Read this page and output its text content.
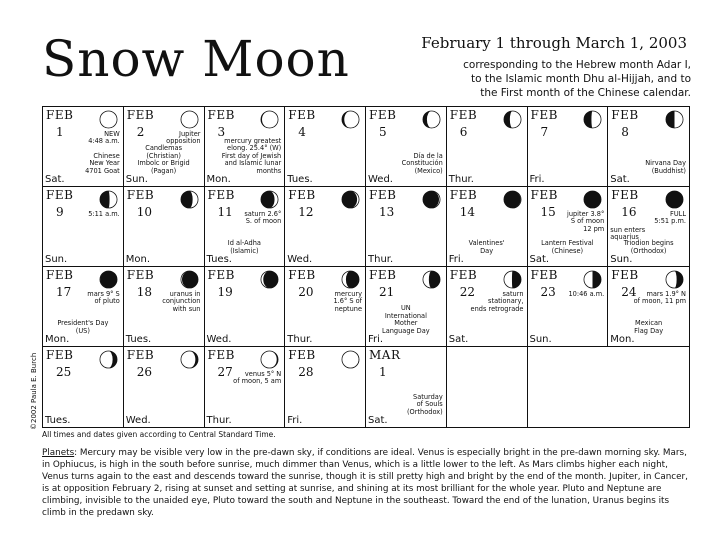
Snow Moon	February 1 through March 1, 2003
corresponding to the Hebrew month Adar I,
to the Islamic month Dhu al-Hijjah, and to
the First month of the Chinese calendar.
FEB
1
Sat.
NEW
4:48 a.m.
Chinese
New Year
4701 Goat
FEB
2
Sun.
Jupiter
opposition
Candlemas
(Christian)
Imbolc or Brigid
(Pagan)
FEB
3
Mon.
mercury greatest
elong. 25.4° (W)
First day of Jewish
and Islamic lunar
months
FEB
4
Tues.
FEB
5
Wed.
Día de la
Constitución
(Mexico)
FEB
6
Thur.
FEB
7
Fri.
FEB
8
Sat.
Nirvana Day
(Buddhist)
FEB
9
Sun.
5:11 a.m.
FEB
10
Mon.
FEB
11
Tues.
saturn 2.6°
S. of moon
Id al-Adha
(Islamic)
FEB
12
Wed.
FEB
13
Thur.
FEB
14
Fri.
Valentines'
Day
FEB
15
Sat.
jupiter 3.8°
S of moon
12 pm
Lantern Festival
(Chinese)
FEB
16
Sun.
FULL
5:51 p.m.
sun enters
aquarius
Triodion begins
(Orthodox)
FEB
17
Mon.
mars 9° S
of pluto
President's Day
(US)
FEB
18
Tues.
uranus in
conjunction
with sun
FEB
19
Wed.
FEB
20
Thur.
mercury
1.6° S of
neptune
FEB
21
Fri.
UN
International
Mother
Language Day
FEB
22
Sat.
saturn
stationary,
ends retrograde
FEB
23
Sun.
10:46 a.m.
FEB
24
Mon.
mars 1.9° N
of moon, 11 pm
Mexican
Flag Day
FEB
25
Tues.
FEB
26
Wed.
FEB
27
Thur.
venus 5° N
of moon, 5 am
FEB
28
Fri.
MAR
1
Sat.
Saturday
of Souls
(Orthodox)
©2002 Paula E. Burch
All times and dates given according to Central Standard Time.
Planets: Mercury may be visible very low in the pre-dawn sky, if conditions are ideal. Venus is especially bright in the pre-dawn morning sky. Mars, in Ophiucus, is high in the south before sunrise, much dimmer than Venus, which is a little lower to the left. As Mars climbs higher each night, Venus turns again to the east and descends toward the sunrise, though it is still pretty high and bright by the end of the month. Jupiter, in Cancer, is at opposition February 2, rising at sunset and setting at sunrise, and shining at its most brilliant for the whole year. Pluto and Neptune are climbing, invisible to the unaided eye, Pluto toward the south and Neptune in the southeast. Toward the end of the lunation, Uranus begins its climb in the predawn sky.
